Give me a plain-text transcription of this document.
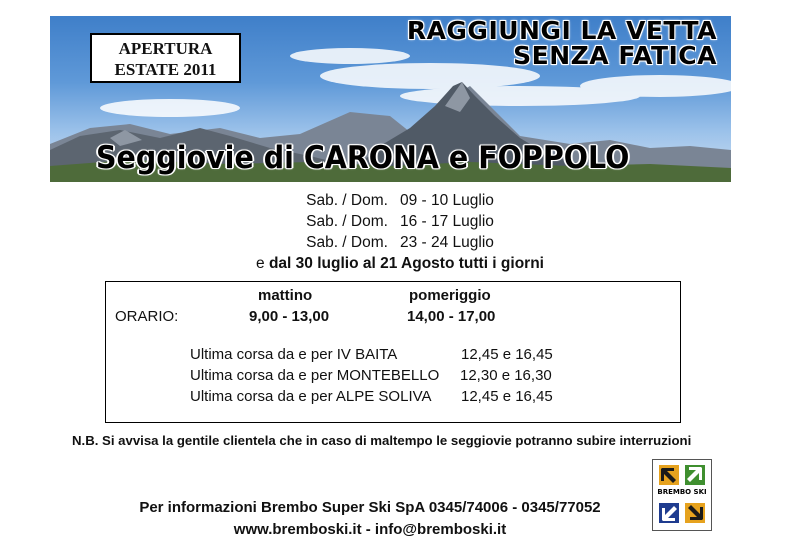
APERTURA
ESTATE 2011
RAGGIUNGI LA VETTA
SENZA FATICA
Seggiovie di CARONA e FOPPOLO
Sab. / Dom. 09 - 10 Luglio
Sab. / Dom. 16 - 17 Luglio
Sab. / Dom. 23 - 24 Luglio
e dal 30 luglio al 21 Agosto tutti i giorni
mattino	pomeriggio
ORARIO:	9,00 - 13,00	14,00 - 17,00
Ultima corsa da e per IV BAITA	12,45 e 16,45
Ultima corsa da e per MONTEBELLO 12,30 e 16,30
Ultima corsa da e per ALPE SOLIVA 12,45 e 16,45
N.B. Si avvisa la gentile clientela che in caso di maltempo le seggiovie potranno subire interruzioni
Per informazioni Brembo Super Ski SpA 0345/74006 - 0345/77052
www.bremboski.it - info@bremboski.it
BREMBO SKI
